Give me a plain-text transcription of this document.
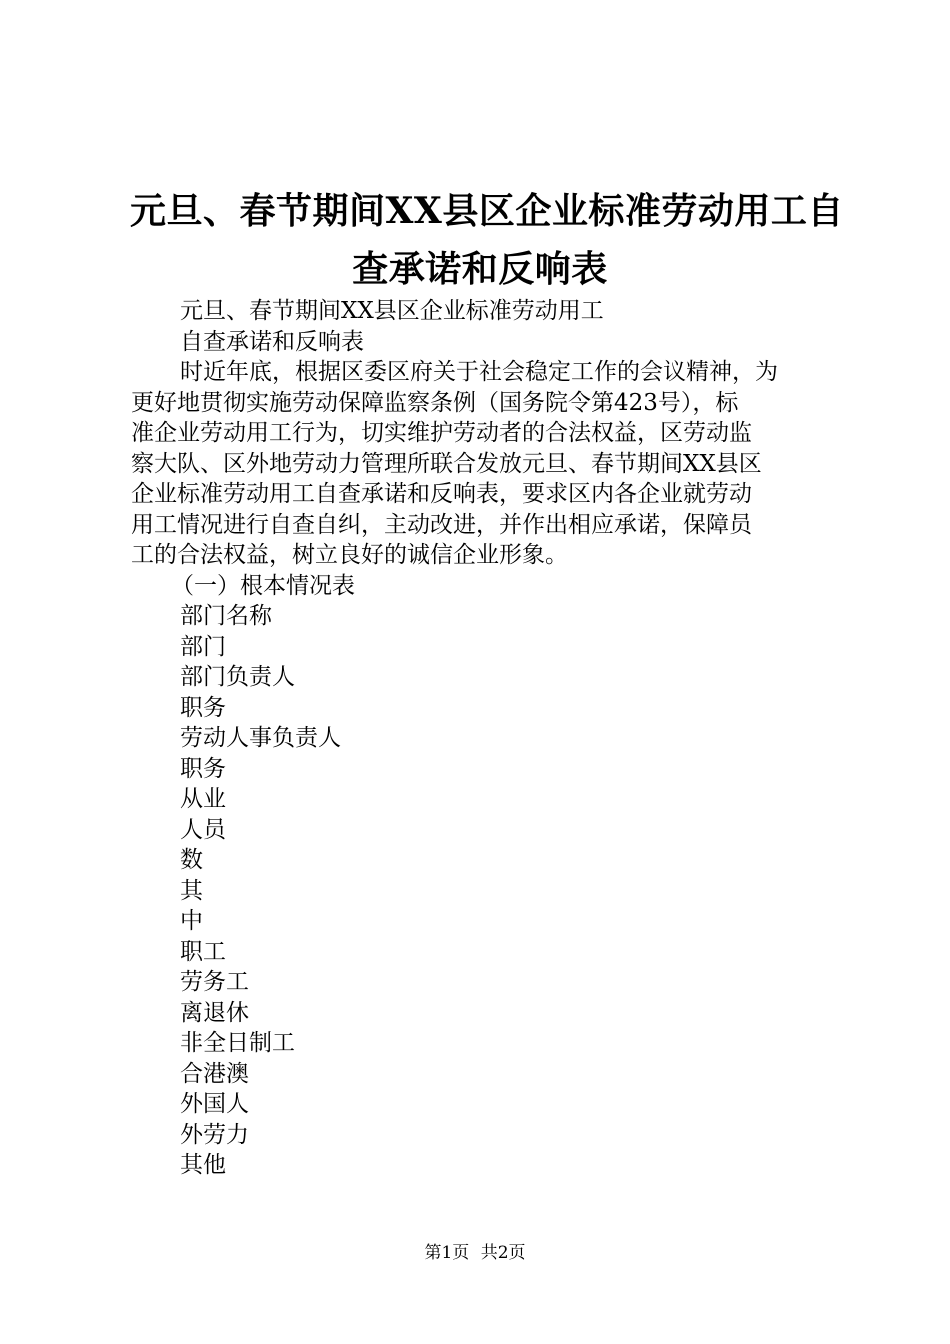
元旦、春节期间XX县区企业标准劳动用工自
查承诺和反响表
元旦、春节期间XX县区企业标准劳动用工
自查承诺和反响表
时近年底，根据区委区府关于社会稳定工作的会议精神，为
更好地贯彻实施劳动保障监察条例（国务院令第423号），标
准企业劳动用工行为，切实维护劳动者的合法权益，区劳动监
察大队、区外地劳动力管理所联合发放元旦、春节期间XX县区
企业标准劳动用工自查承诺和反响表，要求区内各企业就劳动
用工情况进行自查自纠，主动改进，并作出相应承诺，保障员
工的合法权益，树立良好的诚信企业形象。
（一）根本情况表
部门名称
部门
部门负责人
职务
劳动人事负责人
职务
从业
人员
数
其
中
职工
劳务工
离退休
非全日制工
合港澳
外国人
外劳力
其他
第1页 共2页
